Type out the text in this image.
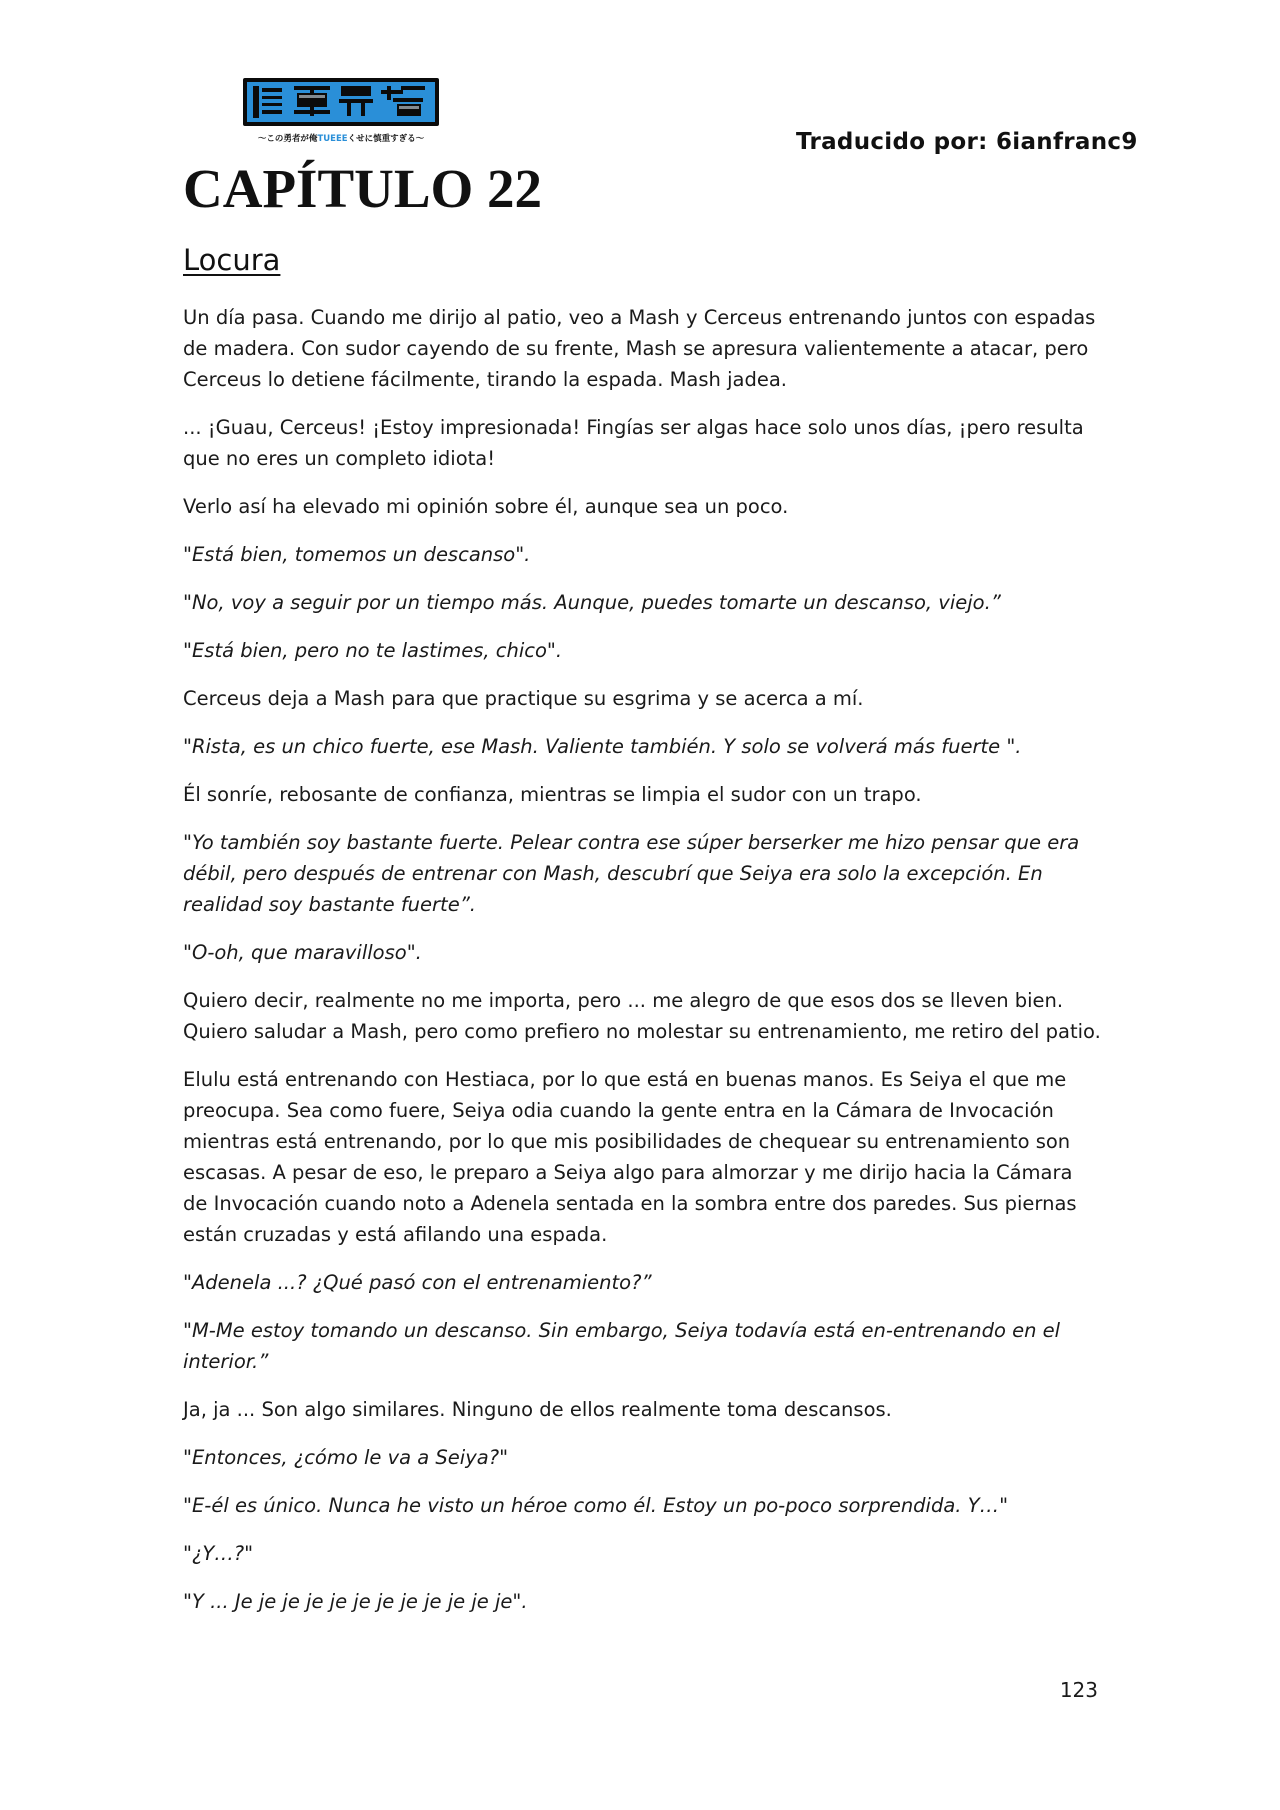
〜この勇者が俺TUEEEくせに慎重すぎる〜	Traducido por: 6ianfranc9
CAPÍTULO 22
Locura

Un día pasa. Cuando me dirijo al patio, veo a Mash y Cerceus entrenando juntos con espadas de madera. Con sudor cayendo de su frente, Mash se apresura valientemente a atacar, pero Cerceus lo detiene fácilmente, tirando la espada. Mash jadea.

... ¡Guau, Cerceus! ¡Estoy impresionada! Fingías ser algas hace solo unos días, ¡pero resulta que no eres un completo idiota!

Verlo así ha elevado mi opinión sobre él, aunque sea un poco.

"Está bien, tomemos un descanso".

"No, voy a seguir por un tiempo más. Aunque, puedes tomarte un descanso, viejo.”

"Está bien, pero no te lastimes, chico".

Cerceus deja a Mash para que practique su esgrima y se acerca a mí.

"Rista, es un chico fuerte, ese Mash. Valiente también. Y solo se volverá más fuerte ".

Él sonríe, rebosante de confianza, mientras se limpia el sudor con un trapo.

"Yo también soy bastante fuerte. Pelear contra ese súper berserker me hizo pensar que era débil, pero después de entrenar con Mash, descubrí que Seiya era solo la excepción. En realidad soy bastante fuerte”.

"O-oh, que maravilloso".

Quiero decir, realmente no me importa, pero ... me alegro de que esos dos se lleven bien. Quiero saludar a Mash, pero como prefiero no molestar su entrenamiento, me retiro del patio.

Elulu está entrenando con Hestiaca, por lo que está en buenas manos. Es Seiya el que me preocupa. Sea como fuere, Seiya odia cuando la gente entra en la Cámara de Invocación mientras está entrenando, por lo que mis posibilidades de chequear su entrenamiento son escasas. A pesar de eso, le preparo a Seiya algo para almorzar y me dirijo hacia la Cámara de Invocación cuando noto a Adenela sentada en la sombra entre dos paredes. Sus piernas están cruzadas y está afilando una espada.

"Adenela ...? ¿Qué pasó con el entrenamiento?”

"M-Me estoy tomando un descanso. Sin embargo, Seiya todavía está en-entrenando en el interior.”

Ja, ja ... Son algo similares. Ninguno de ellos realmente toma descansos.

"Entonces, ¿cómo le va a Seiya?"

"E-él es único. Nunca he visto un héroe como él. Estoy un po-poco sorprendida. Y…"

"¿Y…?"

"Y ... Je je je je je je je je je je je je".

123
